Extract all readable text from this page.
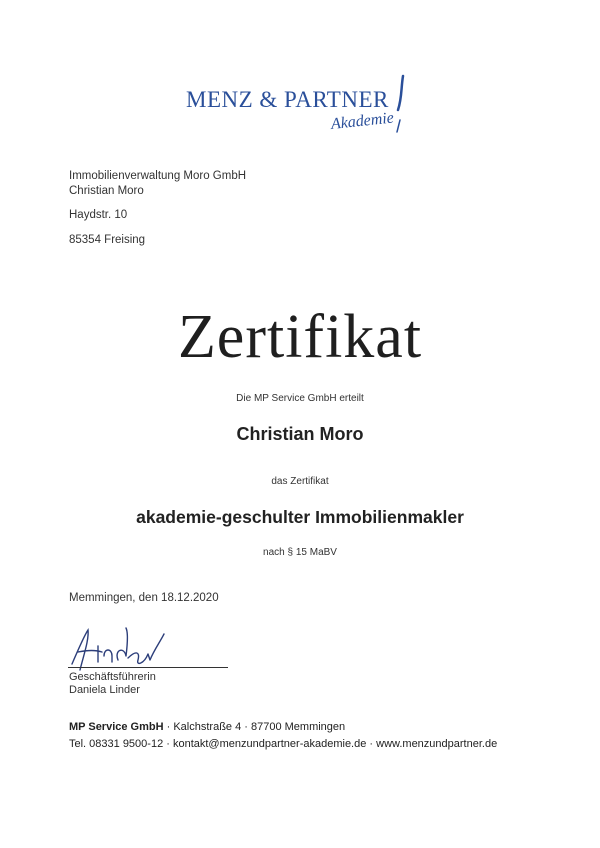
MENZ & PARTNER
Akademie
Immobilienverwaltung Moro GmbH
Christian Moro
Haydstr. 10
85354 Freising
Zertifikat
Die MP Service GmbH erteilt
Christian Moro
das Zertifikat
akademie-geschulter Immobilienmakler
nach § 15 MaBV
Memmingen, den 18.12.2020
Geschäftsführerin
Daniela Linder
MP Service GmbH · Kalchstraße 4 · 87700 Memmingen
Tel. 08331 9500-12 · kontakt@menzundpartner-akademie.de · www.menzundpartner.de
